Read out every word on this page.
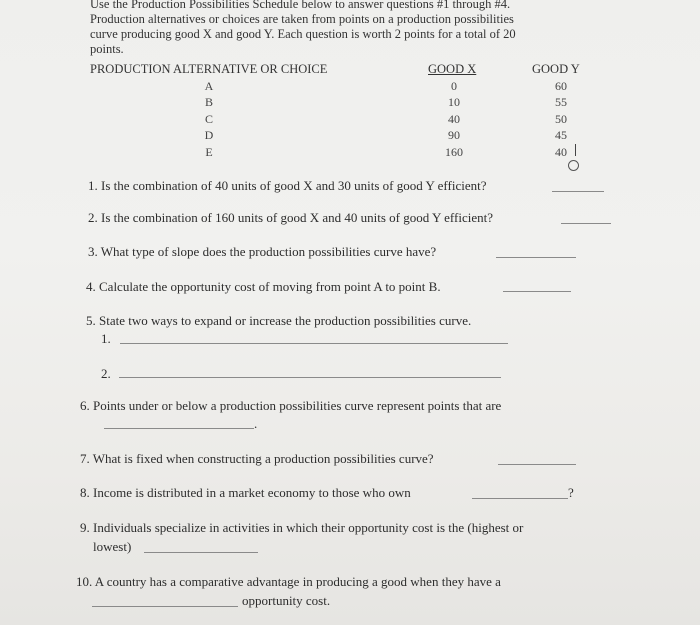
Use the Production Possibilities Schedule below to answer questions #1 through #4.
Production alternatives or choices are taken from points on a production possibilities
curve producing good X and good Y. Each question is worth 2 points for a total of 20
points.
PRODUCTION ALTERNATIVE OR CHOICE	GOOD X	GOOD Y
A	0	60
B	10	55
C	40	50
D	90	45
E	160	40
1. Is the combination of 40 units of good X and 30 units of good Y efficient?
2. Is the combination of 160 units of good X and 40 units of good Y efficient?
3. What type of slope does the production possibilities curve have?
4. Calculate the opportunity cost of moving from point A to point B.
5. State two ways to expand or increase the production possibilities curve.
1.
2.
6. Points under or below a production possibilities curve represent points that are
.
7. What is fixed when constructing a production possibilities curve?
8. Income is distributed in a market economy to those who own	?
9. Individuals specialize in activities in which their opportunity cost is the (highest or
lowest)
10. A country has a comparative advantage in producing a good when they have a
opportunity cost.
